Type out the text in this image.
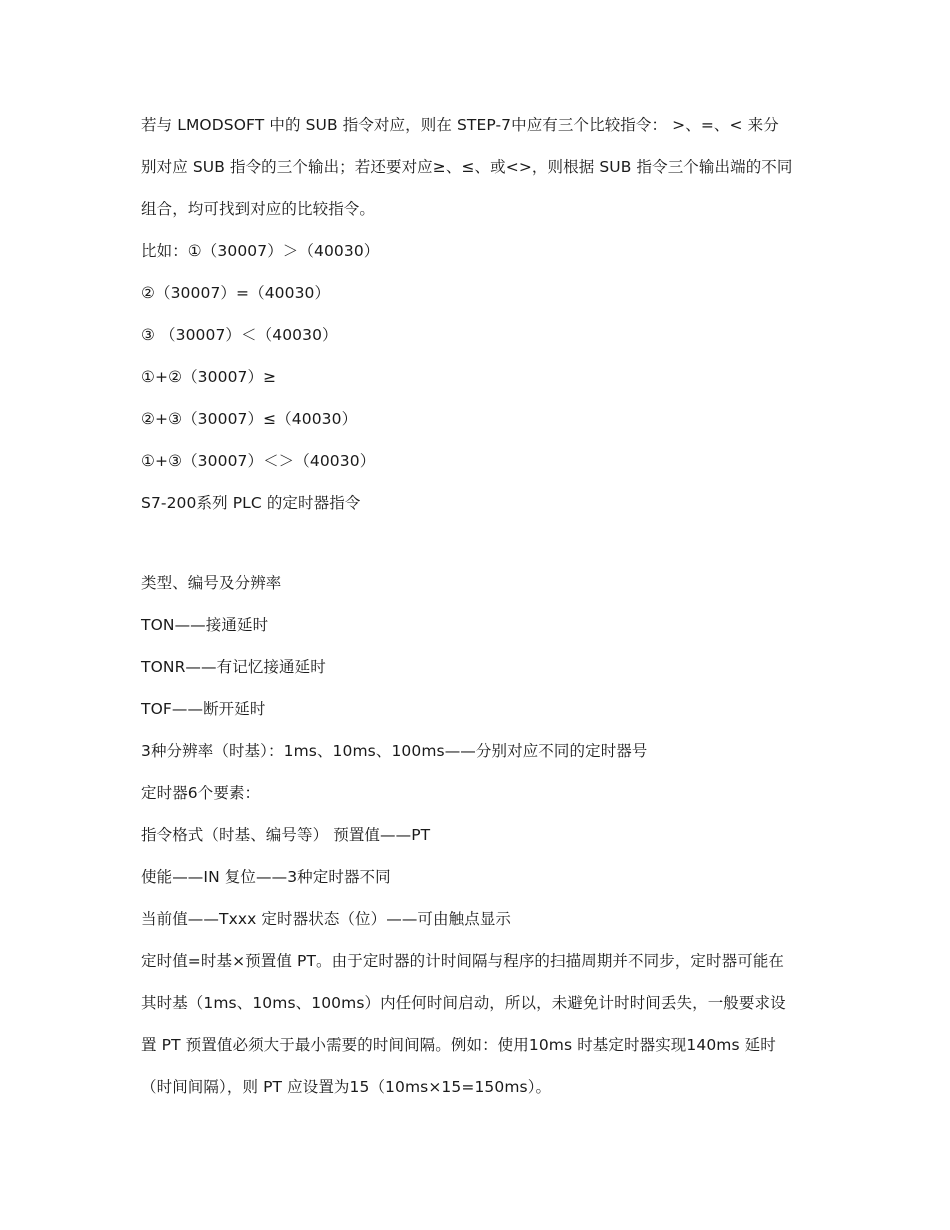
若与 LMODSOFT 中的 SUB 指令对应，则在 STEP-7中应有三个比较指令： >、=、< 来分
别对应 SUB 指令的三个输出；若还要对应≥、≤、或<>，则根据 SUB 指令三个输出端的不同
组合，均可找到对应的比较指令。
比如：①（30007）＞（40030）
②（30007）=（40030）
③ （30007）＜（40030）
①+②（30007）≥
②+③（30007）≤（40030）
①+③（30007）＜＞（40030）
S7-200系列 PLC 的定时器指令
类型、编号及分辨率
TON——接通延时
TONR——有记忆接通延时
TOF——断开延时
3种分辨率（时基）：1ms、10ms、100ms——分别对应不同的定时器号
定时器6个要素：
指令格式（时基、编号等） 预置值——PT
使能——IN 复位——3种定时器不同
当前值——Txxx 定时器状态（位）——可由触点显示
定时值=时基×预置值 PT。由于定时器的计时间隔与程序的扫描周期并不同步，定时器可能在
其时基（1ms、10ms、100ms）内任何时间启动，所以，未避免计时时间丢失，一般要求设
置 PT 预置值必须大于最小需要的时间间隔。例如：使用10ms 时基定时器实现140ms 延时
（时间间隔），则 PT 应设置为15（10ms×15=150ms）。
